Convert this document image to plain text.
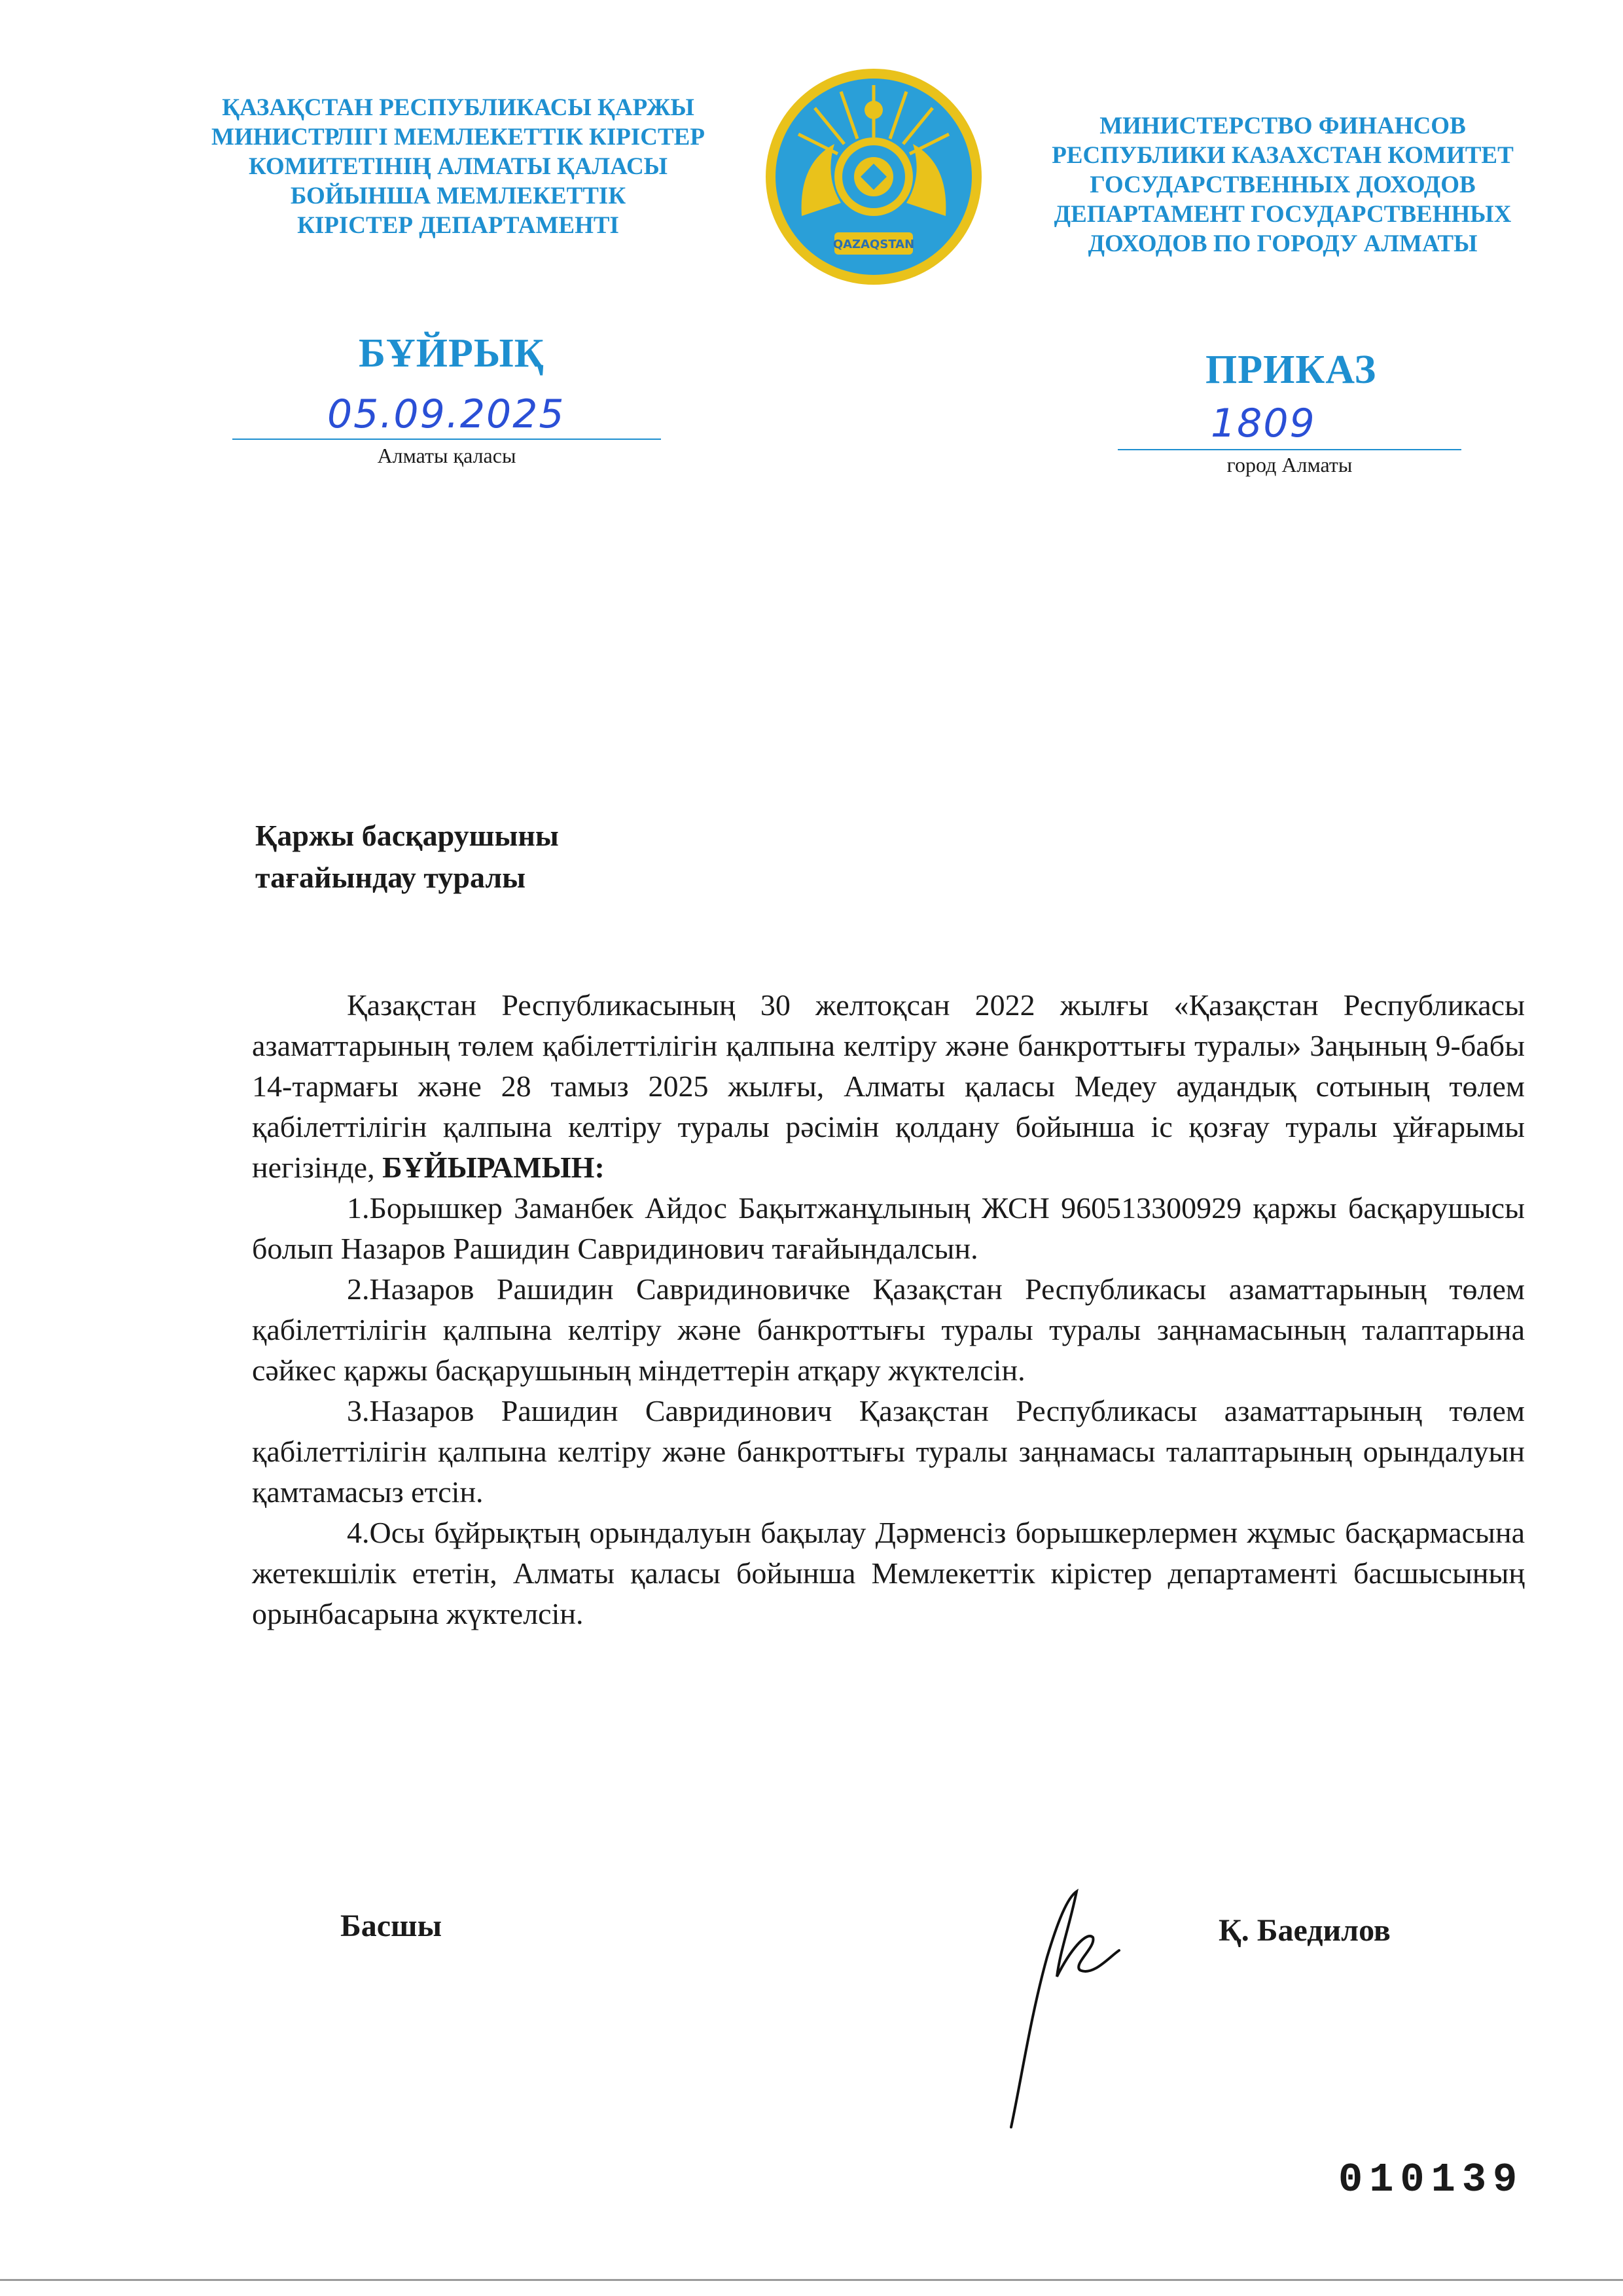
ҚАЗАҚСТАН РЕСПУБЛИКАСЫ ҚАРЖЫ
МИНИСТРЛІГІ МЕМЛЕКЕТТІК КІРІСТЕР
КОМИТЕТІНІҢ АЛМАТЫ ҚАЛАСЫ
БОЙЫНША МЕМЛЕКЕТТІК
КІРІСТЕР ДЕПАРТАМЕНТІ
QAZAQSTAN
МИНИСТЕРСТВО ФИНАНСОВ
РЕСПУБЛИКИ КАЗАХСТАН КОМИТЕТ
ГОСУДАРСТВЕННЫХ ДОХОДОВ
ДЕПАРТАМЕНТ ГОСУДАРСТВЕННЫХ
ДОХОДОВ ПО ГОРОДУ АЛМАТЫ
БҰЙРЫҚ	ПРИКАЗ
05.09.2025
Алматы қаласы
1809
город Алматы
Қаржы басқарушыны
тағайындау туралы

Қазақстан Республикасының 30 желтоқсан 2022 жылғы «Қазақстан Республикасы азаматтарының төлем қабілеттілігін қалпына келтіру және банкроттығы туралы» Заңының 9-бабы 14-тармағы және 28 тамыз 2025 жылғы, Алматы қаласы Медеу аудандық сотының төлем қабілеттілігін қалпына келтіру туралы рәсімін қолдану бойынша іс қозғау туралы ұйғарымы негізінде, БҰЙЫРАМЫН:

1.Борышкер Заманбек Айдос Бақытжанұлының ЖСН 960513300929 қаржы басқарушысы болып Назаров Рашидин Савридинович тағайындалсын.

2.Назаров Рашидин Савридиновичке Қазақстан Республикасы азаматтарының төлем қабілеттілігін қалпына келтіру және банкроттығы туралы туралы заңнамасының талаптарына сәйкес қаржы басқарушының міндеттерін атқару жүктелсін.

3.Назаров Рашидин Савридинович Қазақстан Республикасы азаматтарының төлем қабілеттілігін қалпына келтіру және банкроттығы туралы заңнамасы талаптарының орындалуын қамтамасыз етсін.

4.Осы бұйрықтың орындалуын бақылау Дәрменсіз борышкерлермен жұмыс басқармасына жетекшілік ететін, Алматы қаласы бойынша Мемлекеттік кірістер департаменті басшысының орынбасарына жүктелсін.

Басшы	Қ. Баедилов
010139
